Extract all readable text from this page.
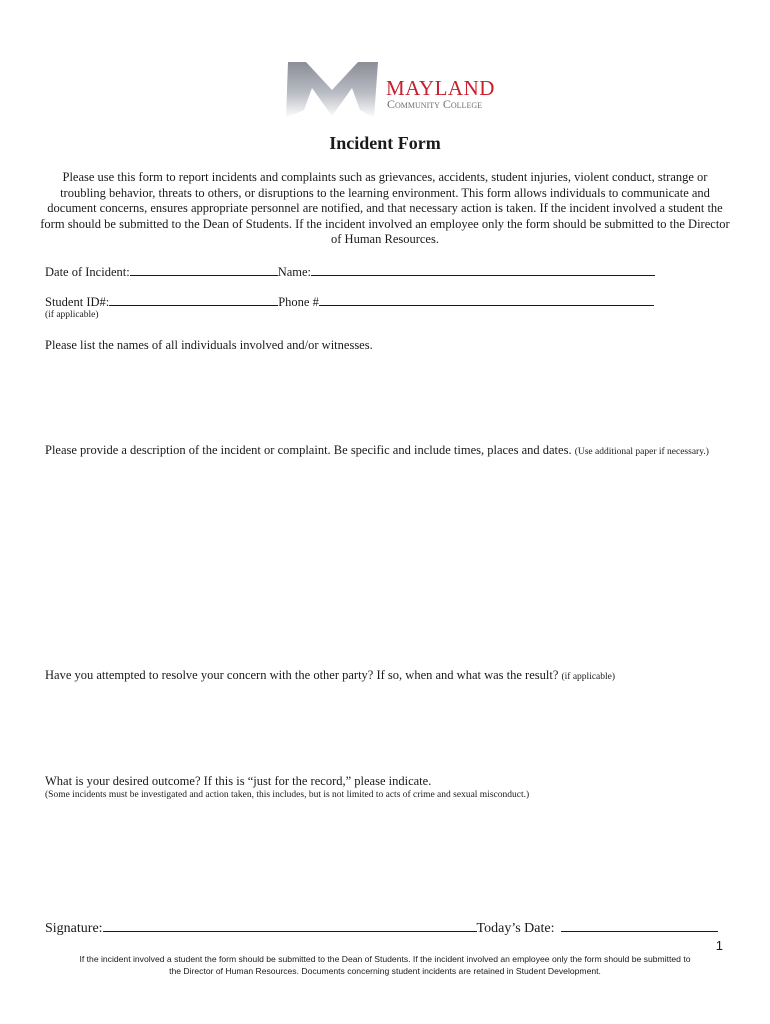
MAYLAND
Community College
Incident Form
Please use this form to report incidents and complaints such as grievances, accidents, student injuries, violent conduct, strange or troubling behavior, threats to others, or disruptions to the learning environment. This form allows individuals to communicate and document concerns, ensures appropriate personnel are notified, and that necessary action is taken. If the incident involved a student the form should be submitted to the Dean of Students. If the incident involved an employee only the form should be submitted to the Director of Human Resources.
Date of Incident:	Name:
Student ID#:	Phone #
(if applicable)
Please list the names of all individuals involved and/or witnesses.
Please provide a description of the incident or complaint. Be specific and include times, places and dates. (Use additional paper if necessary.)
Have you attempted to resolve your concern with the other party? If so, when and what was the result? (if applicable)
What is your desired outcome? If this is “just for the record,” please indicate.
(Some incidents must be investigated and action taken, this includes, but is not limited to acts of crime and sexual misconduct.)
Signature:	Today’s Date:
1
If the incident involved a student the form should be submitted to the Dean of Students. If the incident involved an employee only the form should be submitted to
the Director of Human Resources. Documents concerning student incidents are retained in Student Development.
